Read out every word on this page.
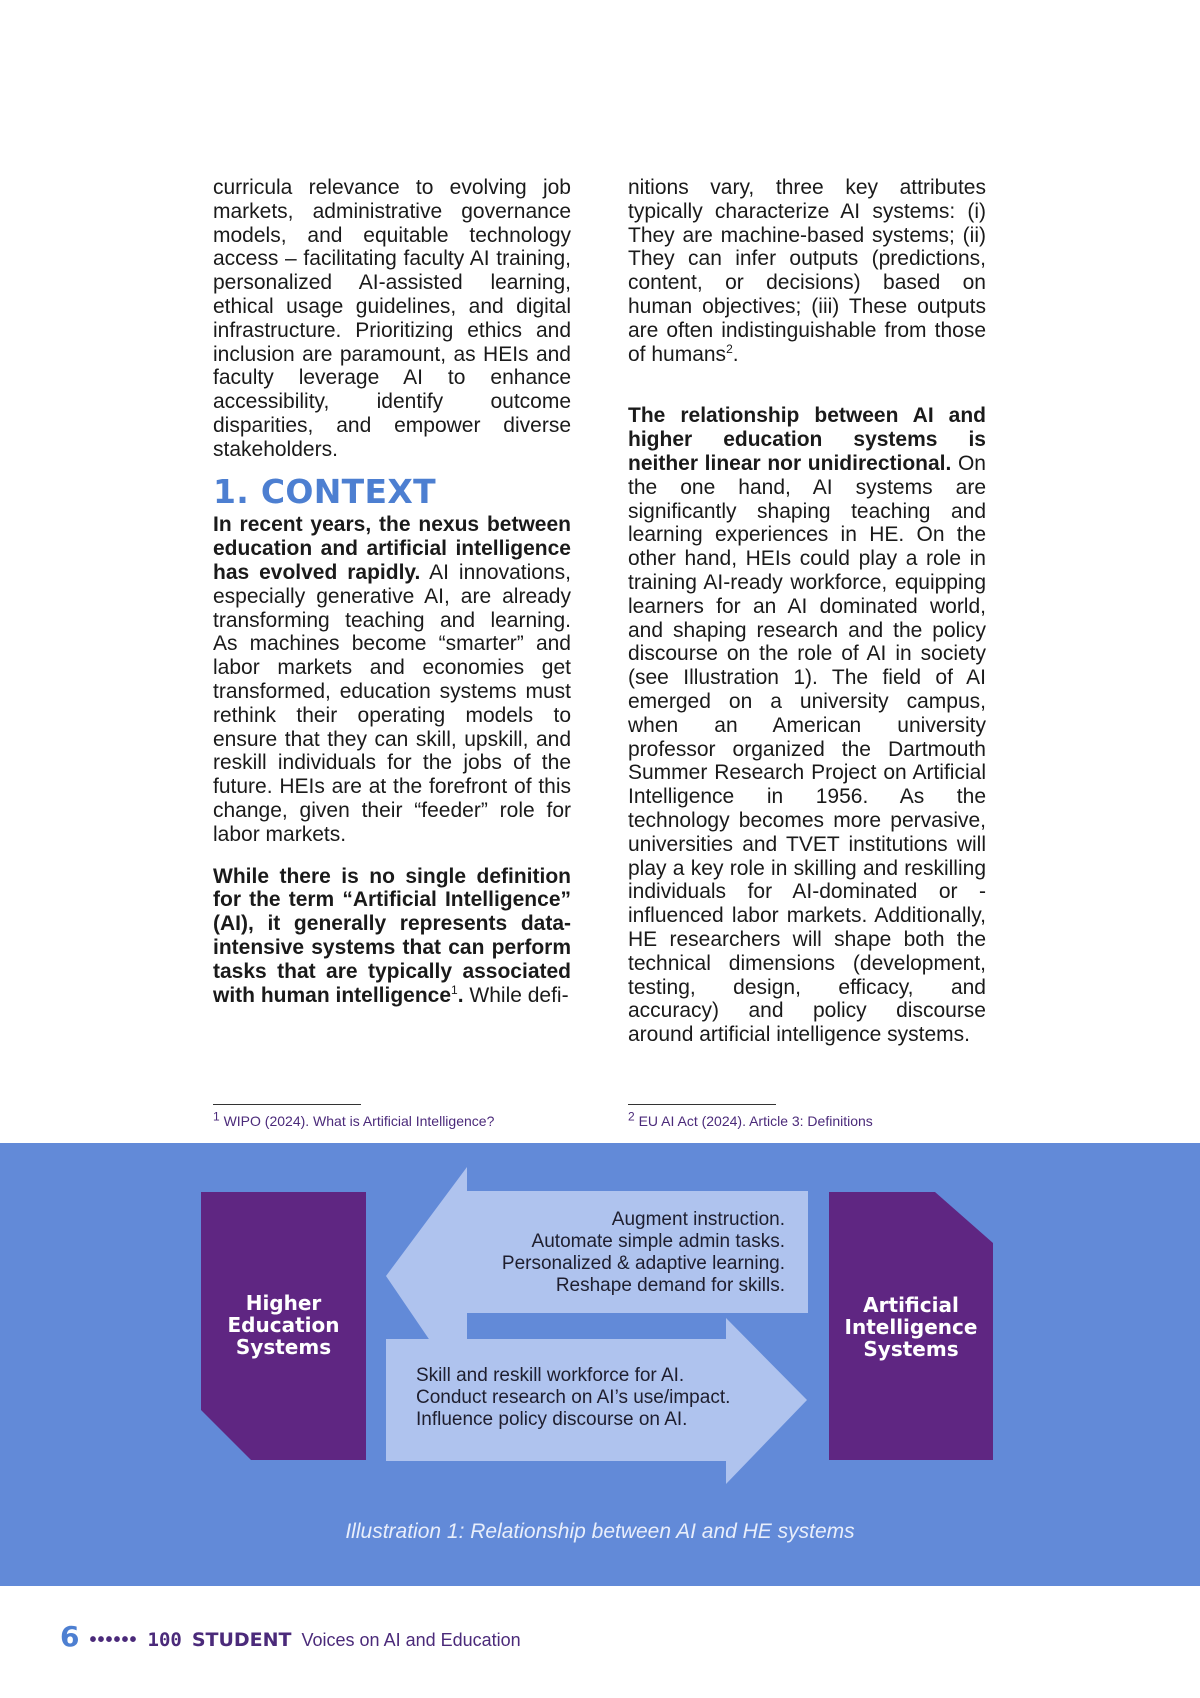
curricula relevance to evolving job markets, administrative governance models, and equitable technology access – facilitating faculty AI training, personalized AI-assisted learning, ethical usage guidelines, and digital infrastructure. Prioritizing ethics and inclusion are paramount, as HEIs and faculty leverage AI to enhance accessibility, identify outcome disparities, and empower diverse stakeholders.

1. CONTEXT

In recent years, the nexus between education and artificial intelligence has evolved rapidly. AI innovations, especially generative AI, are already transforming teaching and learning. As machines become “smarter” and labor markets and economies get transformed, education systems must rethink their operating models to ensure that they can skill, upskill, and reskill individuals for the jobs of the future. HEIs are at the forefront of this change, given their “feeder” role for labor markets.

While there is no single definition for the term “Artificial Intelligence” (AI), it generally represents data-intensive systems that can perform tasks that are typically associated with human intelligence$^1$. While defi-

nitions vary, three key attributes typically characterize AI systems: (i) They are machine-based systems; (ii) They can infer outputs (predictions, content, or decisions) based on human objectives; (iii) These outputs are often indistinguishable from those of humans$^2$.

The relationship between AI and higher education systems is neither linear nor unidirectional. On the one hand, AI systems are significantly shaping teaching and learning experiences in HE. On the other hand, HEIs could play a role in training AI-ready workforce, equipping learners for an AI dominated world, and shaping research and the policy discourse on the role of AI in society (see Illustration 1). The field of AI emerged on a university campus, when an American university professor organized the Dartmouth Summer Research Project on Artificial Intelligence in 1956. As the technology becomes more pervasive, universities and TVET institutions will play a key role in skilling and reskilling individuals for AI-dominated or -influenced labor markets. Additionally, HE researchers will shape both the technical dimensions (development, testing, design, efficacy, and accuracy) and policy discourse around artificial intelligence systems.

$^1$ WIPO (2024). What is Artificial Intelligence?	$^2$ EU AI Act (2024). Article 3: Definitions
Higher
Education
Systems
Artificial
Intelligence
Systems
Augment instruction.
Automate simple admin tasks.
Personalized & adaptive learning.
Reshape demand for skills.
Skill and reskill workforce for AI.
Conduct research on AI’s use/impact.
Influence policy discourse on AI.
Illustration 1: Relationship between AI and HE systems
6 •••••• 100 STUDENT Voices on AI and Education
